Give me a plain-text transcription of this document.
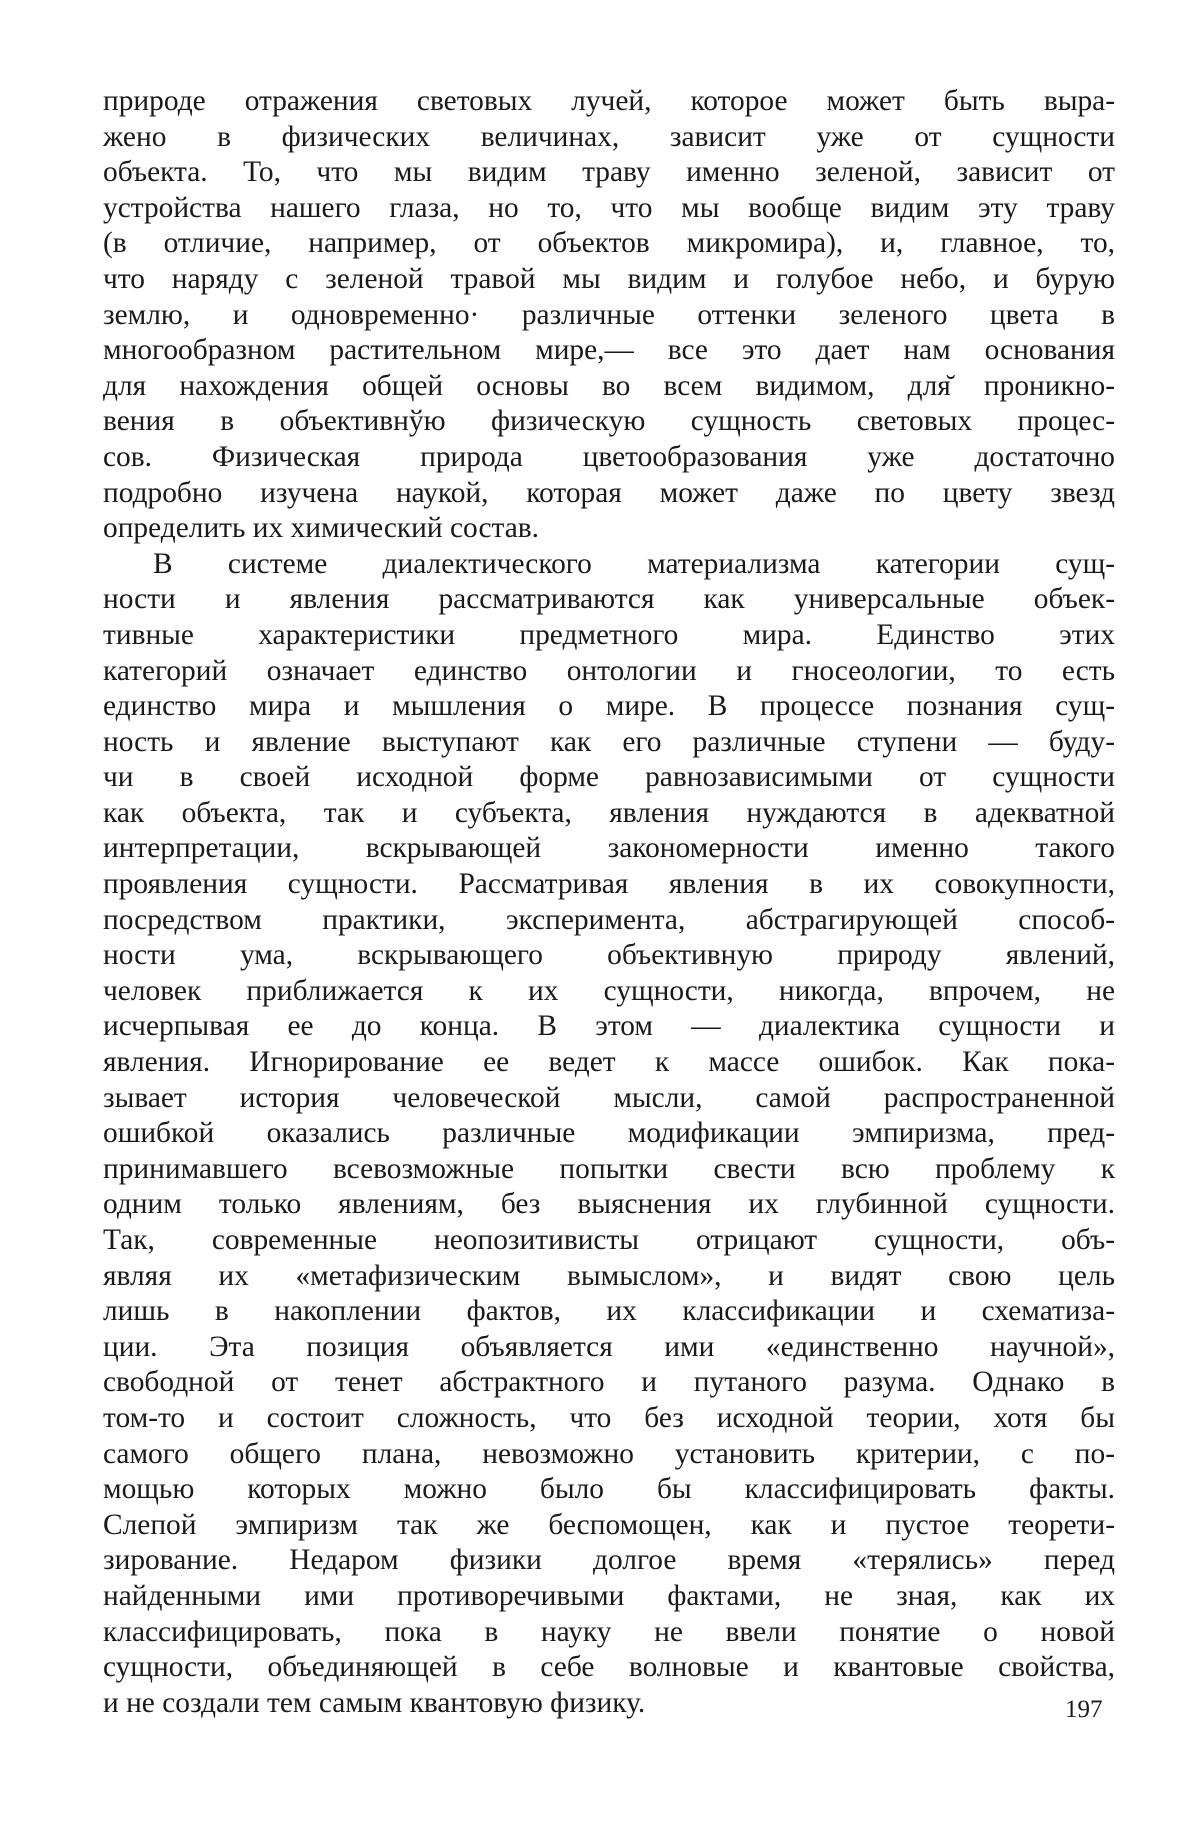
природе отражения световых лучей, которое может быть выра-
жено в физических величинах, зависит уже от сущности
объекта. То, что мы видим траву именно зеленой, зависит от
устройства нашего глаза, но то, что мы вообще видим эту траву
(в отличие, например, от объектов микромира), и, главное, то,
что наряду с зеленой травой мы видим и голубое небо, и бурую
землю, и одновременно· различные оттенки зеленого цвета в
многообразном растительном мире,— все это дает нам основания
для нахождения общей основы во всем видимом, для̆ проникно-
вения в объективнўю физическую сущность световых процес-
сов. Физическая природа цветообразования уже достаточно
подробно изучена наукой, которая может даже по цвету звезд
определить их химический состав.
В системе диалектического материализма категории сущ-
ности и явления рассматриваются как универсальные объек-
тивные характеристики предметного мира. Единство этих
категорий означает единство онтологии и гносеологии, то есть
единство мира и мышления о мире. В процессе познания сущ-
ность и явление выступают как его различные ступени — буду-
чи в своей исходной форме равнозависимыми от сущности
как объекта, так и субъекта, явления нуждаются в адекватной
интерпретации, вскрывающей закономерности именно такого
проявления сущности. Рассматривая явления в их совокупности,
посредством практики, эксперимента, абстрагирующей способ-
ности ума, вскрывающего объективную природу явлений,
человек приближается к их сущности, никогда, впрочем, не
исчерпывая ее до конца. В этом — диалектика сущности и
явления. Игнорирование ее ведет к массе ошибок. Как пока-
зывает история человеческой мысли, самой распространенной
ошибкой оказались различные модификации эмпиризма, пред-
принимавшего всевозможные попытки свести всю проблему к
одним только явлениям, без выяснения их глубинной сущности.
Так, современные неопозитивисты отрицают сущности, объ-
являя их «метафизическим вымыслом», и видят свою цель
лишь в накоплении фактов, их классификации и схематиза-
ции. Эта позиция объявляется ими «единственно научной»,
свободной от тенет абстрактного и путаного разума. Однако в
том-то и состоит сложность, что без исходной теории, хотя бы
самого общего плана, невозможно установить критерии, с по-
мощью которых можно было бы классифицировать факты.
Слепой эмпиризм так же беспомощен, как и пустое теорети-
зирование. Недаром физики долгое время «терялись» перед
найденными ими противоречивыми фактами, не зная, как их
классифицировать, пока в науку не ввели понятие о новой
сущности, объединяющей в себе волновые и квантовые свойства,
и не создали тем самым квантовую физику.	197
